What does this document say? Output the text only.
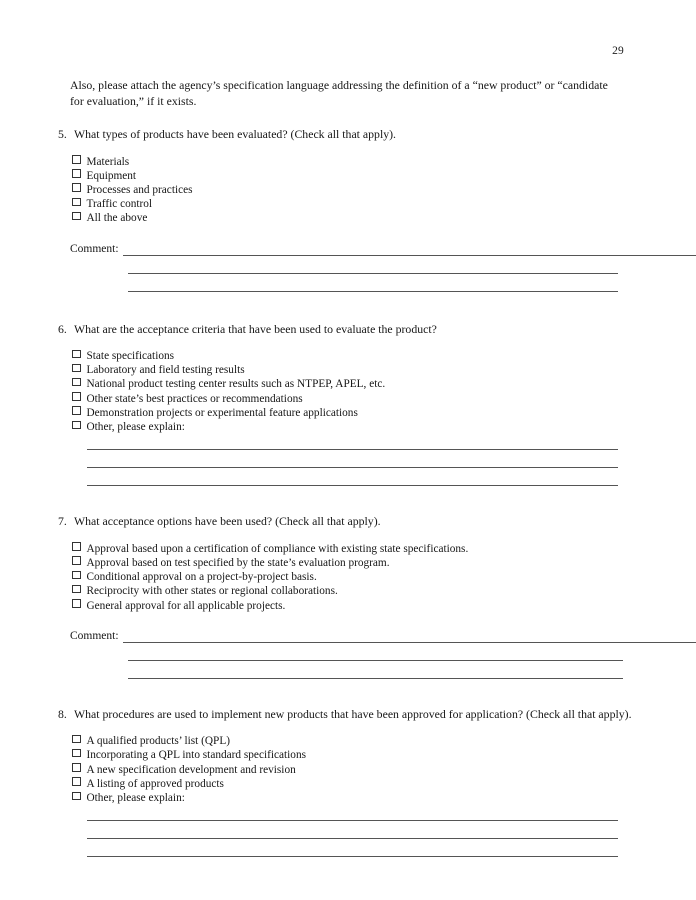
29

Also, please attach the agency’s specification language addressing the definition of a “new product” or “candidate for evaluation,” if it exists.

5. What types of products have been evaluated? (Check all that apply).
Materials
Equipment
Processes and practices
Traffic control
All the above
Comment:
6. What are the acceptance criteria that have been used to evaluate the product?
State specifications
Laboratory and field testing results
National product testing center results such as NTPEP, APEL, etc.
Other state’s best practices or recommendations
Demonstration projects or experimental feature applications
Other, please explain:
7. What acceptance options have been used? (Check all that apply).
Approval based upon a certification of compliance with existing state specifications.
Approval based on test specified by the state’s evaluation program.
Conditional approval on a project-by-project basis.
Reciprocity with other states or regional collaborations.
General approval for all applicable projects.
Comment:
8. What procedures are used to implement new products that have been approved for application? (Check all that apply).
A qualified products’ list (QPL)
Incorporating a QPL into standard specifications
A new specification development and revision
A listing of approved products
Other, please explain:
